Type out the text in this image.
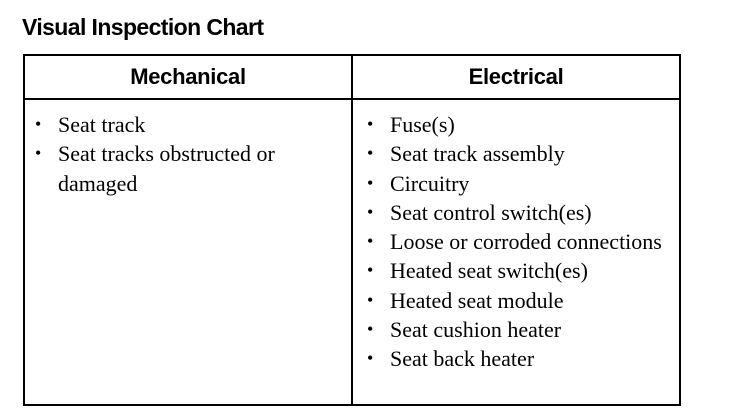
Visual Inspection Chart
Mechanical	Electrical
• Seat track
• Seat tracks obstructed or damaged
• Fuse(s)
• Seat track assembly
• Circuitry
• Seat control switch(es)
• Loose or corroded connections
• Heated seat switch(es)
• Heated seat module
• Seat cushion heater
• Seat back heater
